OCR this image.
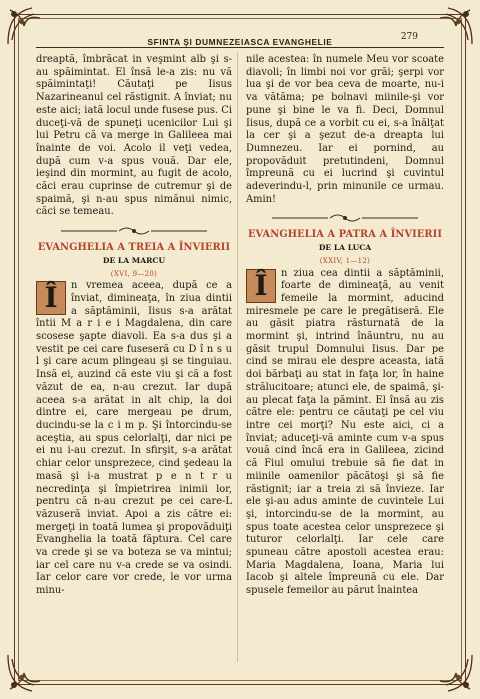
SFINTA ŞI DUMNEZEIASCA EVANGHELIE	279

dreaptă, îmbrăcat in veşmint alb şi s-au spăimintat. El însă le-a zis: nu vă spăimintaţi! Căutaţi pe Iisus Nazarineanul cel răstignit. A înviat; nu este aici; iată locul unde fusese pus. Ci duceţi-vă de spuneţi ucenicilor Lui şi lui Petru că va merge in Galileea mai înainte de voi. Acolo il veţi vedea, după cum v-a spus vouă. Dar ele, ieşind din mormint, au fugit de acolo, căci erau cuprinse de cutremur şi de spaimă, şi n-au spus nimănui nimic, căci se temeau.

EVANGHELIA A TREIA A ÎNVIERII

DE LA MARCU

(XVI, 9—20)

Î	n vremea aceea, după ce a înviat, dimineaţa, în ziua dintii a săptăminii, Iisus s-a arătat întii M a r i e i Magdalena, din care scosese şapte diavoli. Ea s-a dus şi a vestit pe cei care fuseseră cu D î n s u l şi care acum plingeau şi se tinguiau. Insă ei, auzind că este viu şi că a fost văzut de ea, n-au crezut. Iar după aceea s-a arătat in alt chip, la doi dintre ei, care mergeau pe drum, ducindu-se la c i m p. Şi întorcindu-se aceştia, au spus celorlalţi, dar nici pe ei nu i-au crezut. In sfirşit, s-a arătat chiar celor unsprezece, cind şedeau la masă şi i-a mustrat p e n t r u necredinţa şi împietrirea inimii lor, pentru că n-au crezut pe cei care-L văzuseră inviat. Apoi a zis către ei: mergeţi in toată lumea şi propovăduiţi Evanghelia la toată făptura. Cel care va crede şi se va boteza se va mintui; iar cel care nu v-a crede se va osindi. Iar celor care vor crede, le vor urma minu-

nile acestea: în numele Meu vor scoate diavoli; în limbi noi vor grăi; şerpi vor lua şi de vor bea ceva de moarte, nu-i va vătăma; pe bolnavi miinile-şi vor pune şi bine le va fi. Deci, Domnul Iisus, după ce a vorbit cu ei, s-a înălţat la cer şi a şezut de-a dreapta lui Dumnezeu. Iar ei pornind, au propovăduit pretutindeni, Domnul împreună cu ei lucrind şi cuvintul adeverindu-l, prin minunile ce urmau. Amin!

EVANGHELIA A PATRA A ÎNVIERII

DE LA LUCA

(XXIV, 1—12)

Î	n ziua cea dintii a săptăminii, foarte de dimineaţă, au venit femeile la mormint, aducind miresmele pe care le pregătiseră. Ele au găsit piatra răsturnată de la mormint şi, intrind înăuntru, nu au găsit trupul Domnului Iisus. Dar pe cind se mirau ele despre aceasta, iată doi bărbaţi au stat in faţa lor, în haine strălucitoare; atunci ele, de spaimă, şi-au plecat faţa la pămint. El însă au zis către ele: pentru ce căutaţi pe cel viu intre cei morţi? Nu este aici, ci a înviat; aduceţi-vă aminte cum v-a spus vouă cind încă era in Galileea, zicind că Fiul omului trebuie să fie dat in miinile oamenilor păcătoşi şi să fie răstignit; iar a treia zi să învieze. Iar ele şi-au adus aminte de cuvintele Lui şi, intorcindu-se de la mormint, au spus toate acestea celor unsprezece şi tuturor celorlalţi. Iar cele care spuneau către apostoli acestea erau: Maria Magdalena, Ioana, Maria lui Iacob şi altele împreună cu ele. Dar spusele femeilor au părut înaintea
